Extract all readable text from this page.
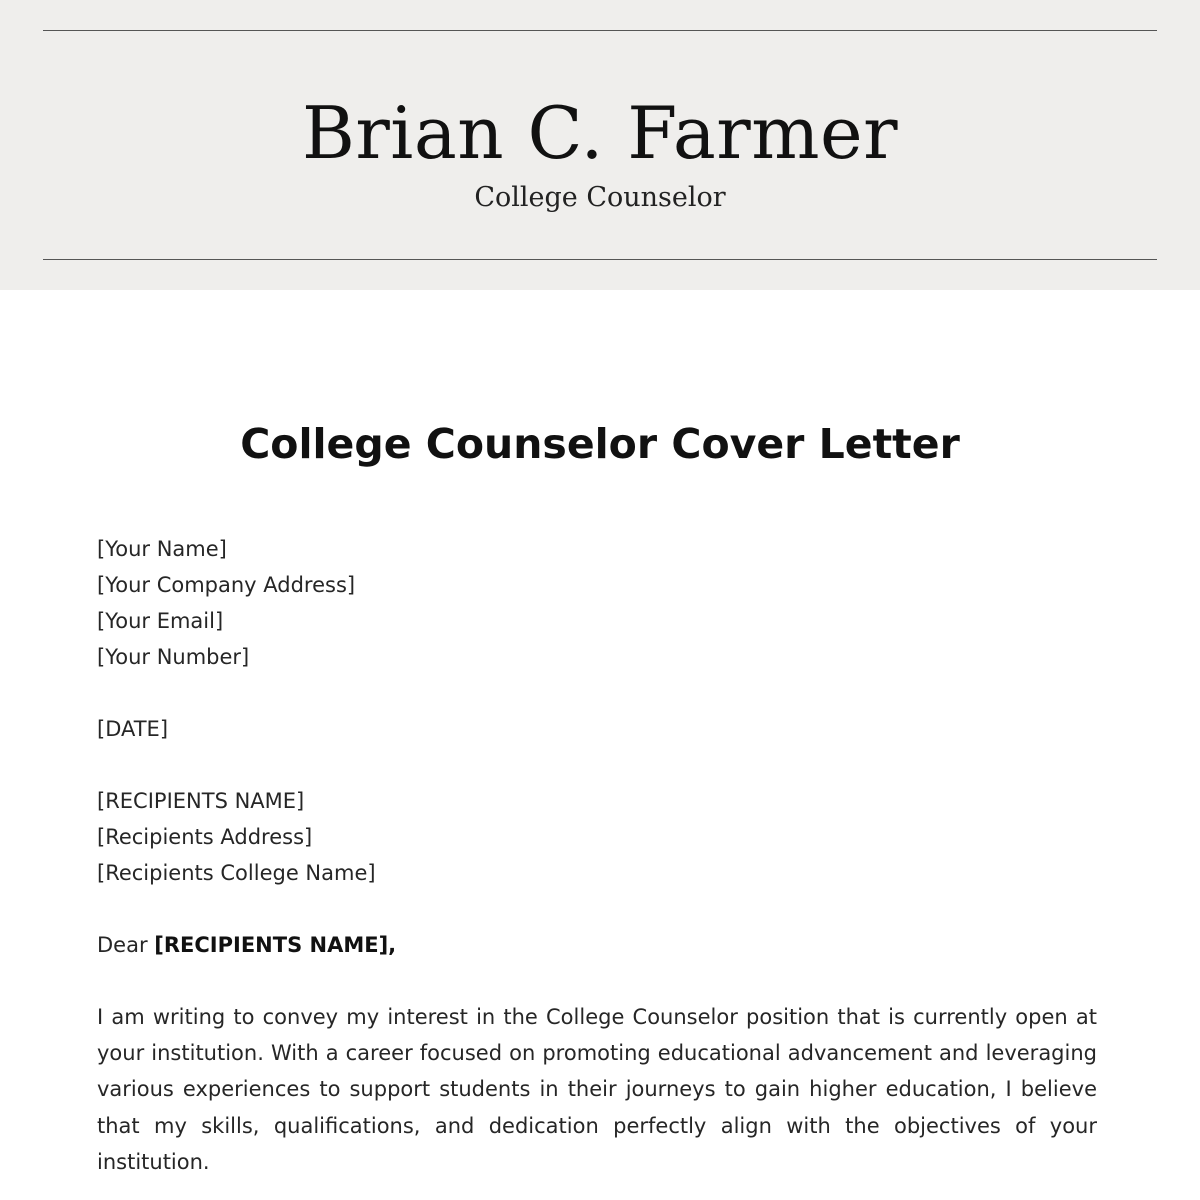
Brian C. Farmer
College Counselor
College Counselor Cover Letter
[Your Name]
[Your Company Address]
[Your Email]
[Your Number]
[DATE]
[RECIPIENTS NAME]
[Recipients Address]
[Recipients College Name]
Dear [RECIPIENTS NAME],
I am writing to convey my interest in the College Counselor position that is currently open at your institution. With a career focused on promoting educational advancement and leveraging various experiences to support students in their journeys to gain higher education, I believe that my skills, qualifications, and dedication perfectly align with the objectives of your institution.
